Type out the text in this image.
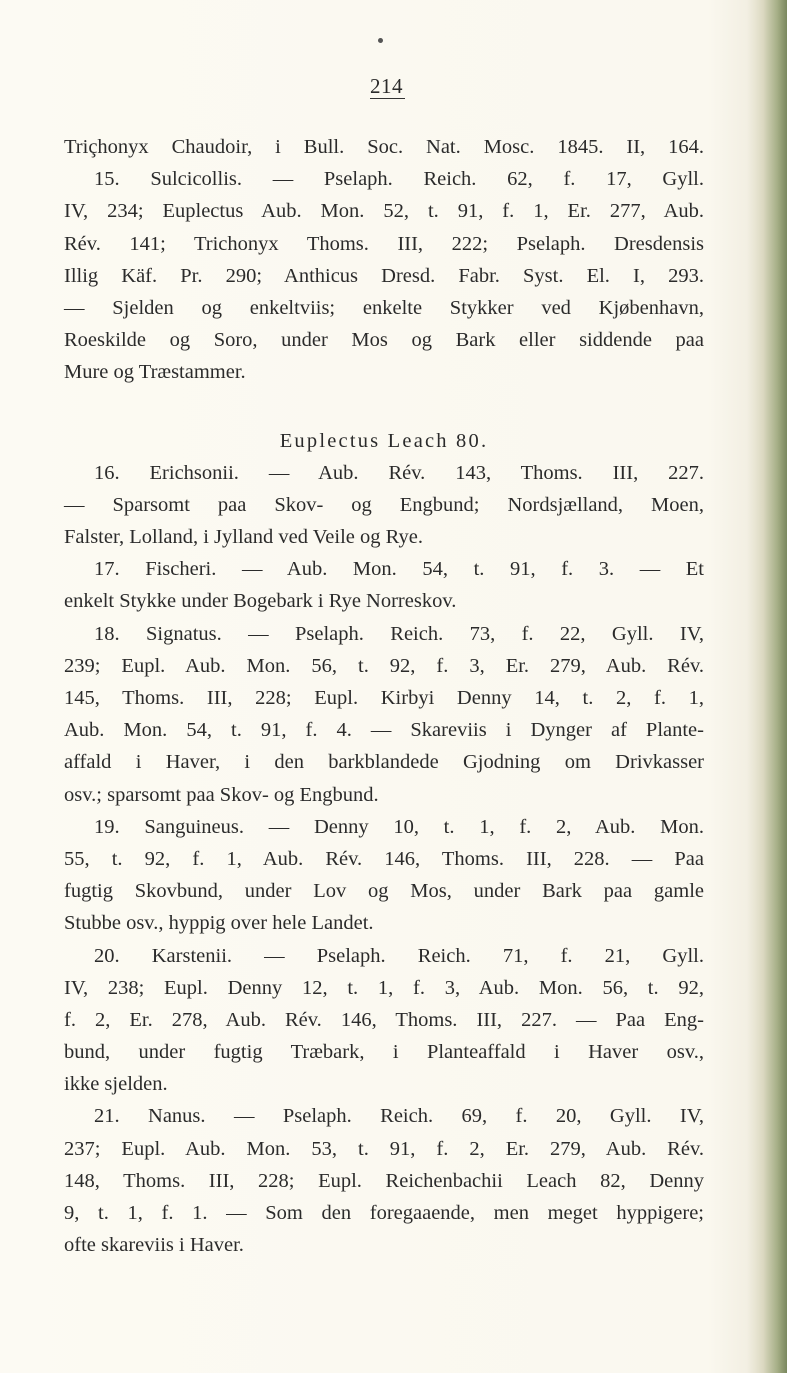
214
Triçhonyx Chaudoir, i Bull. Soc. Nat. Mosc. 1845. II, 164.
15. Sulcicollis. — Pselaph. Reich. 62, f. 17, Gyll.
IV, 234; Euplectus Aub. Mon. 52, t. 91, f. 1, Er. 277, Aub.
Rév. 141; Trichonyx Thoms. III, 222; Pselaph. Dresdensis
Illig Käf. Pr. 290; Anthicus Dresd. Fabr. Syst. El. I, 293.
— Sjelden og enkeltviis; enkelte Stykker ved Kjøbenhavn,
Roeskilde og Soro, under Mos og Bark eller siddende paa
Mure og Træstammer.
Euplectus Leach 80.
16. Erichsonii. — Aub. Rév. 143, Thoms. III, 227.
— Sparsomt paa Skov- og Engbund; Nordsjælland, Moen,
Falster, Lolland, i Jylland ved Veile og Rye.
17. Fischeri. — Aub. Mon. 54, t. 91, f. 3. — Et
enkelt Stykke under Bogebark i Rye Norreskov.
18. Signatus. — Pselaph. Reich. 73, f. 22, Gyll. IV,
239; Eupl. Aub. Mon. 56, t. 92, f. 3, Er. 279, Aub. Rév.
145, Thoms. III, 228; Eupl. Kirbyi Denny 14, t. 2, f. 1,
Aub. Mon. 54, t. 91, f. 4. — Skareviis i Dynger af Plante-
affald i Haver, i den barkblandede Gjodning om Drivkasser
osv.; sparsomt paa Skov- og Engbund.
19. Sanguineus. — Denny 10, t. 1, f. 2, Aub. Mon.
55, t. 92, f. 1, Aub. Rév. 146, Thoms. III, 228. — Paa
fugtig Skovbund, under Lov og Mos, under Bark paa gamle
Stubbe osv., hyppig over hele Landet.
20. Karstenii. — Pselaph. Reich. 71, f. 21, Gyll.
IV, 238; Eupl. Denny 12, t. 1, f. 3, Aub. Mon. 56, t. 92,
f. 2, Er. 278, Aub. Rév. 146, Thoms. III, 227. — Paa Eng-
bund, under fugtig Træbark, i Planteaffald i Haver osv.,
ikke sjelden.
21. Nanus. — Pselaph. Reich. 69, f. 20, Gyll. IV,
237; Eupl. Aub. Mon. 53, t. 91, f. 2, Er. 279, Aub. Rév.
148, Thoms. III, 228; Eupl. Reichenbachii Leach 82, Denny
9, t. 1, f. 1. — Som den foregaaende, men meget hyppigere;
ofte skareviis i Haver.
